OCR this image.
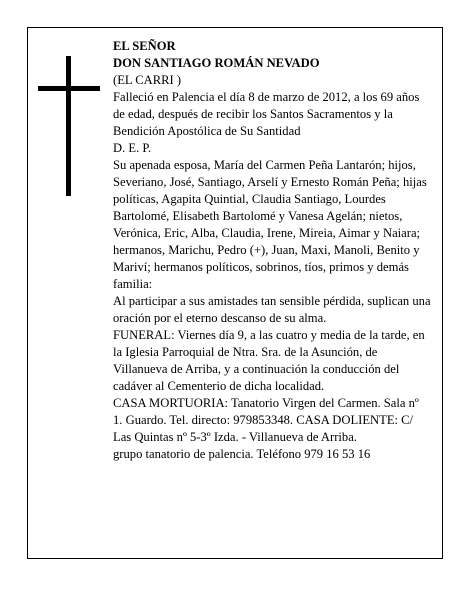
EL SEÑOR

DON SANTIAGO ROMÁN NEVADO

(EL CARRI )

Falleció en Palencia el día 8 de marzo de 2012, a los 69 años de edad, después de recibir los Santos Sacramentos y la Bendición Apostólica de Su Santidad

D. E. P.

Su apenada esposa, María del Carmen Peña Lantarón; hijos, Severiano, José, Santiago, Arselí y Ernesto Román Peña; hijas políticas, Agapita Quintial, Claudia Santiago, Lourdes Bartolomé, Elisabeth Bartolomé y Vanesa Agelán; nietos, Verónica, Eric, Alba, Claudia, Irene, Mireia, Aimar y Naiara; hermanos, Marichu, Pedro (+), Juan, Maxi, Manoli, Benito y Mariví; hermanos políticos, sobrinos, tíos, primos y demás familia:

Al participar a sus amistades tan sensible pérdida, suplican una oración por el eterno descanso de su alma.

FUNERAL: Viernes día 9, a las cuatro y media de la tarde, en la Iglesia Parroquial de Ntra. Sra. de la Asunción, de Villanueva de Arriba, y a continuación la conducción del cadáver al Cementerio de dicha localidad.

CASA MORTUORIA: Tanatorio Virgen del Carmen. Sala nº 1. Guardo. Tel. directo: 979853348. CASA DOLIENTE: C/ Las Quintas nº 5-3º Izda. - Villanueva de Arriba.

grupo tanatorio de palencia. Teléfono 979 16 53 16
